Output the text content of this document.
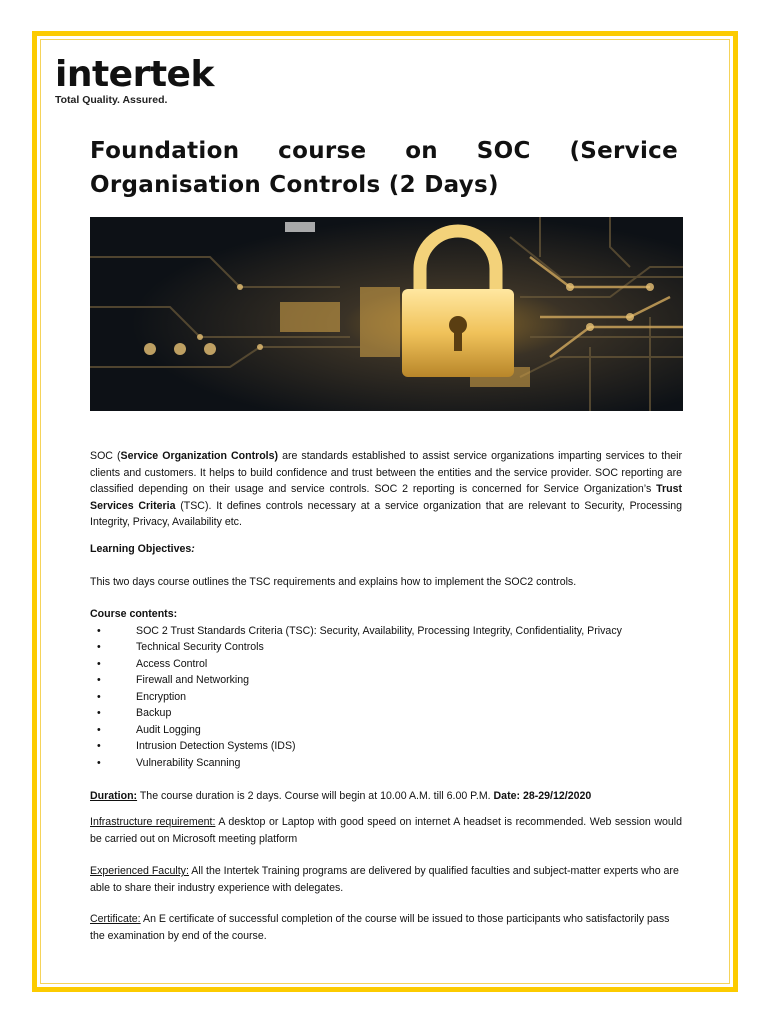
intertek
Total Quality. Assured.
Foundation course on SOC (Service Organisation Controls (2 Days)
SOC (Service Organization Controls) are standards established to assist service organizations imparting services to their clients and customers. It helps to build confidence and trust between the entities and the service provider. SOC reporting are classified depending on their usage and service controls. SOC 2 reporting is concerned for Service Organization’s Trust Services Criteria (TSC). It defines controls necessary at a service organization that are relevant to Security, Processing Integrity, Privacy, Availability etc.
Learning Objectives:
This two days course outlines the TSC requirements and explains how to implement the SOC2 controls.
Course contents:
• SOC 2 Trust Standards Criteria (TSC): Security, Availability, Processing Integrity, Confidentiality, Privacy
• Technical Security Controls
• Access Control
• Firewall and Networking
• Encryption
• Backup
• Audit Logging
• Intrusion Detection Systems (IDS)
• Vulnerability Scanning
Duration: The course duration is 2 days. Course will begin at 10.00 A.M. till 6.00 P.M. Date: 28-29/12/2020
Infrastructure requirement: A desktop or Laptop with good speed on internet A headset is recommended. Web session would be carried out on Microsoft meeting platform
Experienced Faculty: All the Intertek Training programs are delivered by qualified faculties and subject-matter experts who are able to share their industry experience with delegates.
Certificate: An E certificate of successful completion of the course will be issued to those participants who satisfactorily pass the examination by end of the course.
